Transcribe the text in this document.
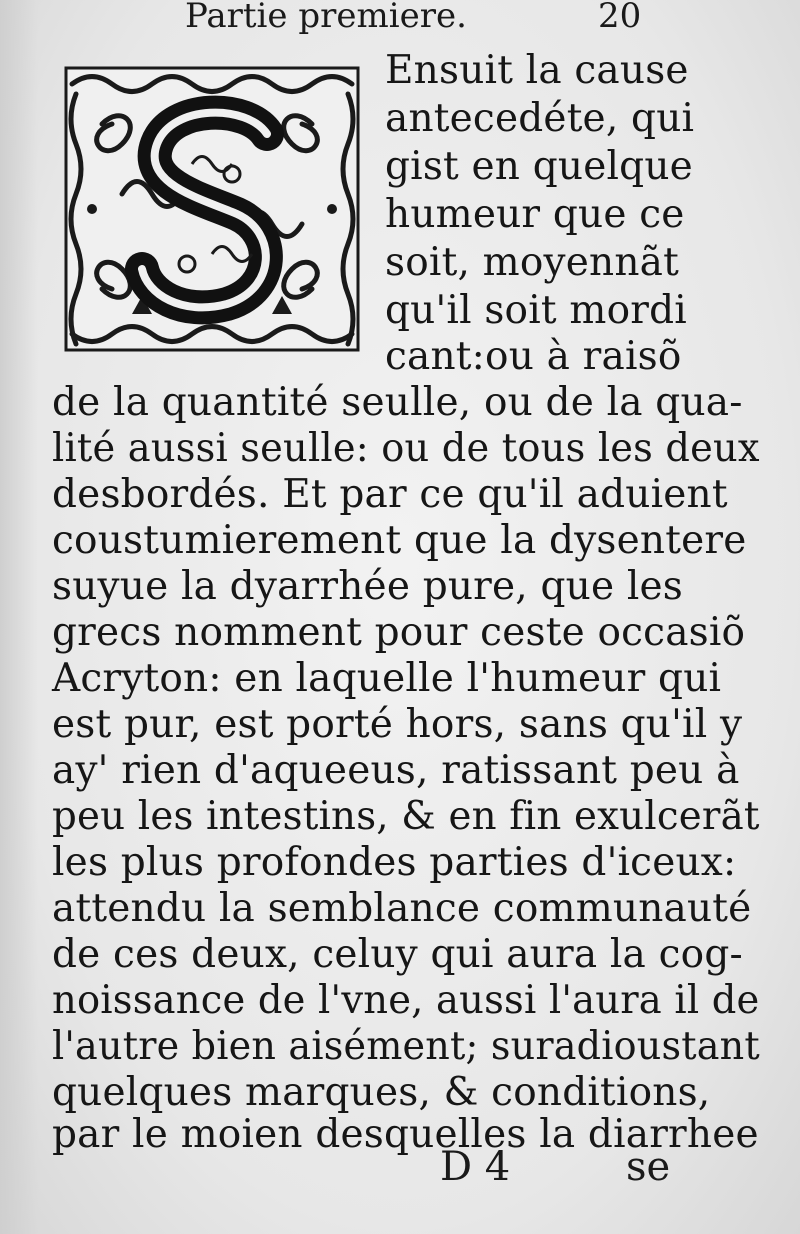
Partie premiere.	20
Ensuit la cause
antecedéte, qui
gist en quelque
humeur que ce
soit, moyennãt
qu'il soit mordi
cant:ou à raisõ
de la quantité seulle, ou de la qua-
lité aussi seulle: ou de tous les deux
desbordés. Et par ce qu'il aduient
coustumierement que la dysentere
suyue la dyarrhée pure, que les
grecs nomment pour ceste occasiõ
Acryton: en laquelle l'humeur qui
est pur, est porté hors, sans qu'il y
ay' rien d'aqueeus, ratissant peu à
peu les intestins, & en fin exulcerãt
les plus profondes parties d'iceux:
attendu la semblance communauté
de ces deux, celuy qui aura la cog-
noissance de l'vne, aussi l'aura il de
l'autre bien aisément; suradioustant
quelques marques, & conditions,
par le moien desquelles la diarrhee
D 4	se
